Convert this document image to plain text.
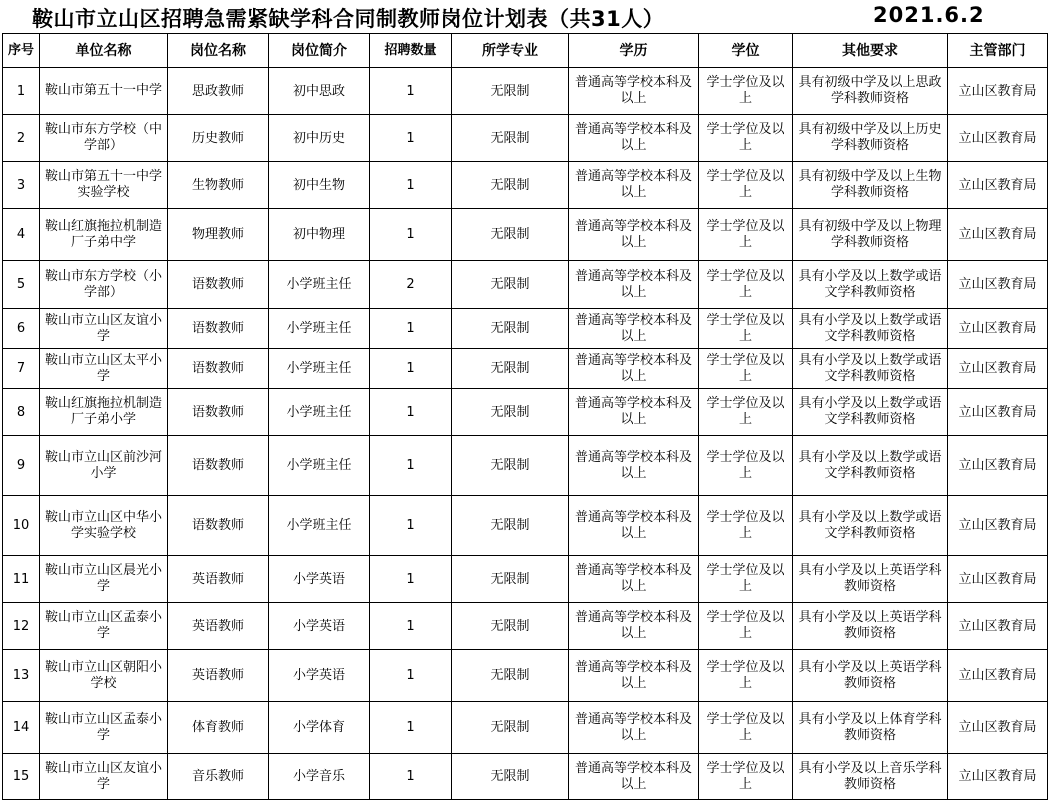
鞍山市立山区招聘急需紧缺学科合同制教师岗位计划表（共31人）	2021.6.2
序号	单位名称	岗位名称	岗位简介	招聘数量	所学专业	学历	学位	其他要求	主管部门
1	鞍山市第五十一中学	思政教师	初中思政	1	无限制	普通高等学校本科及以上	学士学位及以上	具有初级中学及以上思政学科教师资格	立山区教育局
2	鞍山市东方学校（中学部）	历史教师	初中历史	1	无限制	普通高等学校本科及以上	学士学位及以上	具有初级中学及以上历史学科教师资格	立山区教育局
3	鞍山市第五十一中学实验学校	生物教师	初中生物	1	无限制	普通高等学校本科及以上	学士学位及以上	具有初级中学及以上生物学科教师资格	立山区教育局
4	鞍山红旗拖拉机制造厂子弟中学	物理教师	初中物理	1	无限制	普通高等学校本科及以上	学士学位及以上	具有初级中学及以上物理学科教师资格	立山区教育局
5	鞍山市东方学校（小学部）	语数教师	小学班主任	2	无限制	普通高等学校本科及以上	学士学位及以上	具有小学及以上数学或语文学科教师资格	立山区教育局
6	鞍山市立山区友谊小学	语数教师	小学班主任	1	无限制	普通高等学校本科及以上	学士学位及以上	具有小学及以上数学或语文学科教师资格	立山区教育局
7	鞍山市立山区太平小学	语数教师	小学班主任	1	无限制	普通高等学校本科及以上	学士学位及以上	具有小学及以上数学或语文学科教师资格	立山区教育局
8	鞍山红旗拖拉机制造厂子弟小学	语数教师	小学班主任	1	无限制	普通高等学校本科及以上	学士学位及以上	具有小学及以上数学或语文学科教师资格	立山区教育局
9	鞍山市立山区前沙河小学	语数教师	小学班主任	1	无限制	普通高等学校本科及以上	学士学位及以上	具有小学及以上数学或语文学科教师资格	立山区教育局
10	鞍山市立山区中华小学实验学校	语数教师	小学班主任	1	无限制	普通高等学校本科及以上	学士学位及以上	具有小学及以上数学或语文学科教师资格	立山区教育局
11	鞍山市立山区晨光小学	英语教师	小学英语	1	无限制	普通高等学校本科及以上	学士学位及以上	具有小学及以上英语学科教师资格	立山区教育局
12	鞍山市立山区孟泰小学	英语教师	小学英语	1	无限制	普通高等学校本科及以上	学士学位及以上	具有小学及以上英语学科教师资格	立山区教育局
13	鞍山市立山区朝阳小学校	英语教师	小学英语	1	无限制	普通高等学校本科及以上	学士学位及以上	具有小学及以上英语学科教师资格	立山区教育局
14	鞍山市立山区孟泰小学	体育教师	小学体育	1	无限制	普通高等学校本科及以上	学士学位及以上	具有小学及以上体育学科教师资格	立山区教育局
15	鞍山市立山区友谊小学	音乐教师	小学音乐	1	无限制	普通高等学校本科及以上	学士学位及以上	具有小学及以上音乐学科教师资格	立山区教育局
